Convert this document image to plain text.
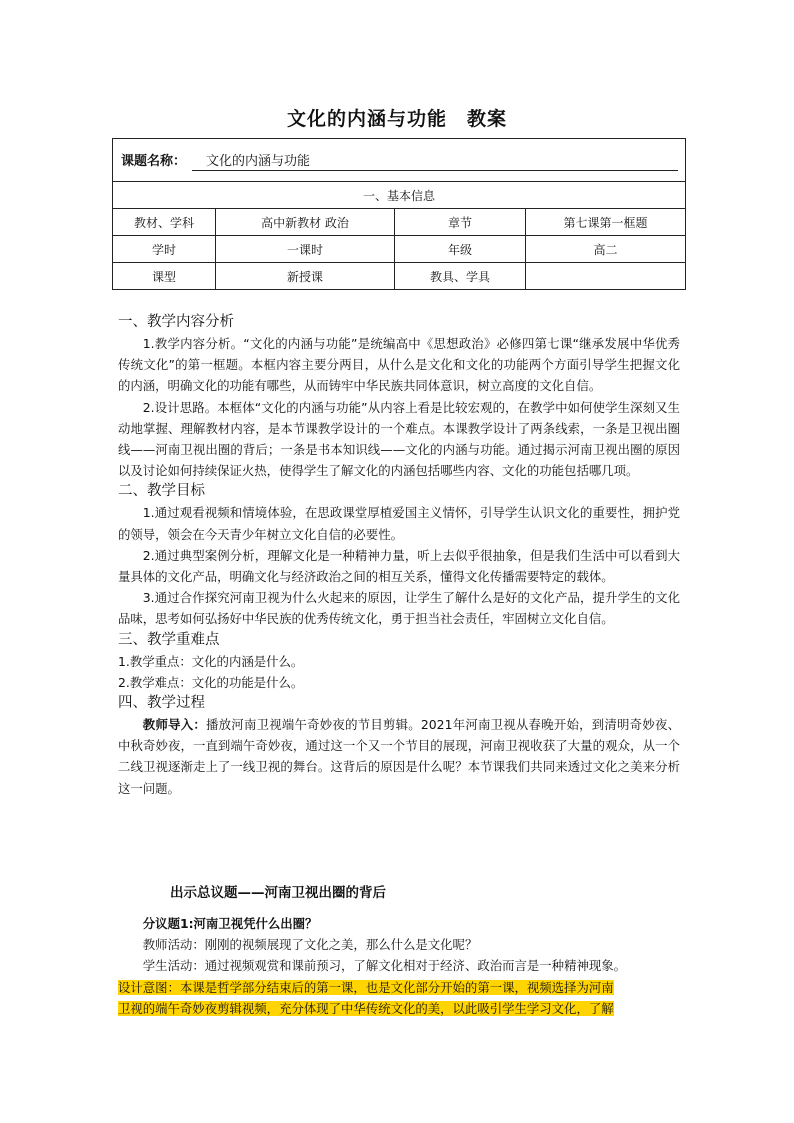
文化的内涵与功能　教案
课题名称： 文化的内涵与功能			
一、基本信息			
教材、学科	高中新教材 政治	章节	第七课第一框题
学时	一课时	年级	高二
课型	新授课	教具、学具	
一、教学内容分析
1.教学内容分析。“文化的内涵与功能”是统编高中《思想政治》必修四第七课“继承发展中华优秀传统文化”的第一框题。本框内容主要分两目，从什么是文化和文化的功能两个方面引导学生把握文化的内涵，明确文化的功能有哪些，从而铸牢中华民族共同体意识，树立高度的文化自信。
2.设计思路。本框体“文化的内涵与功能”从内容上看是比较宏观的，在教学中如何使学生深刻又生动地掌握、理解教材内容，是本节课教学设计的一个难点。本课教学设计了两条线索，一条是卫视出圈线——河南卫视出圈的背后；一条是书本知识线——文化的内涵与功能。通过揭示河南卫视出圈的原因以及讨论如何持续保证火热，使得学生了解文化的内涵包括哪些内容、文化的功能包括哪几项。
二、教学目标
1.通过观看视频和情境体验，在思政课堂厚植爱国主义情怀，引导学生认识文化的重要性，拥护党的领导，领会在今天青少年树立文化自信的必要性。
2.通过典型案例分析，理解文化是一种精神力量，听上去似乎很抽象，但是我们生活中可以看到大量具体的文化产品，明确文化与经济政治之间的相互关系，懂得文化传播需要特定的载体。
3.通过合作探究河南卫视为什么火起来的原因，让学生了解什么是好的文化产品，提升学生的文化品味，思考如何弘扬好中华民族的优秀传统文化，勇于担当社会责任，牢固树立文化自信。
三、教学重难点
1.教学重点：文化的内涵是什么。
2.教学难点：文化的功能是什么。
四、教学过程
教师导入：播放河南卫视端午奇妙夜的节目剪辑。2021年河南卫视从春晚开始，到清明奇妙夜、中秋奇妙夜，一直到端午奇妙夜，通过这一个又一个节目的展现，河南卫视收获了大量的观众，从一个二线卫视逐渐走上了一线卫视的舞台。这背后的原因是什么呢？本节课我们共同来透过文化之美来分析这一问题。
出示总议题——河南卫视出圈的背后
分议题1:河南卫视凭什么出圈？
教师活动：刚刚的视频展现了文化之美，那么什么是文化呢？
学生活动：通过视频观赏和课前预习，了解文化相对于经济、政治而言是一种精神现象。
设计意图：本课是哲学部分结束后的第一课，也是文化部分开始的第一课，视频选择为河南
卫视的端午奇妙夜剪辑视频，充分体现了中华传统文化的美，以此吸引学生学习文化，了解
